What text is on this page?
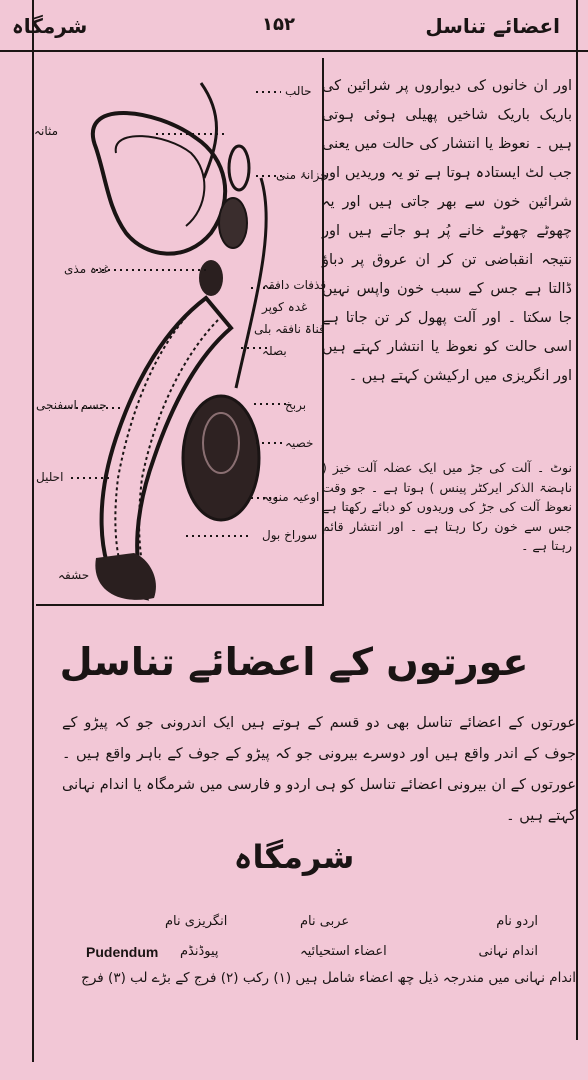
اعضائے تناسل
۱۵۲
شرمگاہ
حالب
مثانہ
خزانۂ منی
غدہ مذی
قذفات دافقہ
غدہ کوپر
قناۃ نافقہ بلی
بصلہ
جسم اسفنجی	بربخ
خصیہ
احلیل
اوعیہ منویہ
سوراخ بول
حشفہ
اور ان خانوں کی دیواروں پر شرائین کی باریک باریک شاخیں پھیلی ہوئی ہوتی ہیں ۔ نعوظ یا انتشار کی حالت میں یعنی جب لٹ ایستادہ ہوتا ہے تو یہ وریدیں اور شرائین خون سے بھر جاتی ہیں اور یہ چھوٹے چھوٹے خانے پُر ہو جاتے ہیں اور نتیجہ انقباضی تن کر ان عروق پر دباؤ ڈالتا ہے جس کے سبب خون واپس نہیں جا سکتا ۔ اور آلت پھول کر تن جاتا ہے اسی حالت کو نعوظ یا انتشار کہتے ہیں اور انگریزی میں ارکیشن کہتے ہیں ۔
نوٹ ۔ آلت کی جڑ میں ایک عضلہ آلت خیز ( ناہضۃ الذکر ایرکٹر پینس ) ہوتا ہے ۔ جو وقت نعوظ آلت کی جڑ کی وریدوں کو دبائے رکھتا ہے جس سے خون رکا رہتا ہے ۔ اور انتشار قائم رہتا ہے ۔
عورتوں کے اعضائے تناسل
عورتوں کے اعضائے تناسل بھی دو قسم کے ہوتے ہیں ایک اندرونی جو کہ پیڑو کے جوف کے اندر واقع ہیں اور دوسرے بیرونی جو کہ پیڑو کے جوف کے باہر واقع ہیں ۔ عورتوں کے ان بیرونی اعضائے تناسل کو ہی اردو و فارسی میں شرمگاہ یا اندام نہانی کہتے ہیں ۔
شرمگاہ
اردو نام
عربی نام
انگریزی نام
اندام نہانی
اعضاء استحیائیہ
پیوڈنڈم
Pudendum
اندام نہانی میں مندرجہ ذیل چھ اعضاء شامل ہیں (۱) رکب (۲) فرج کے بڑے لب (۳) فرج
